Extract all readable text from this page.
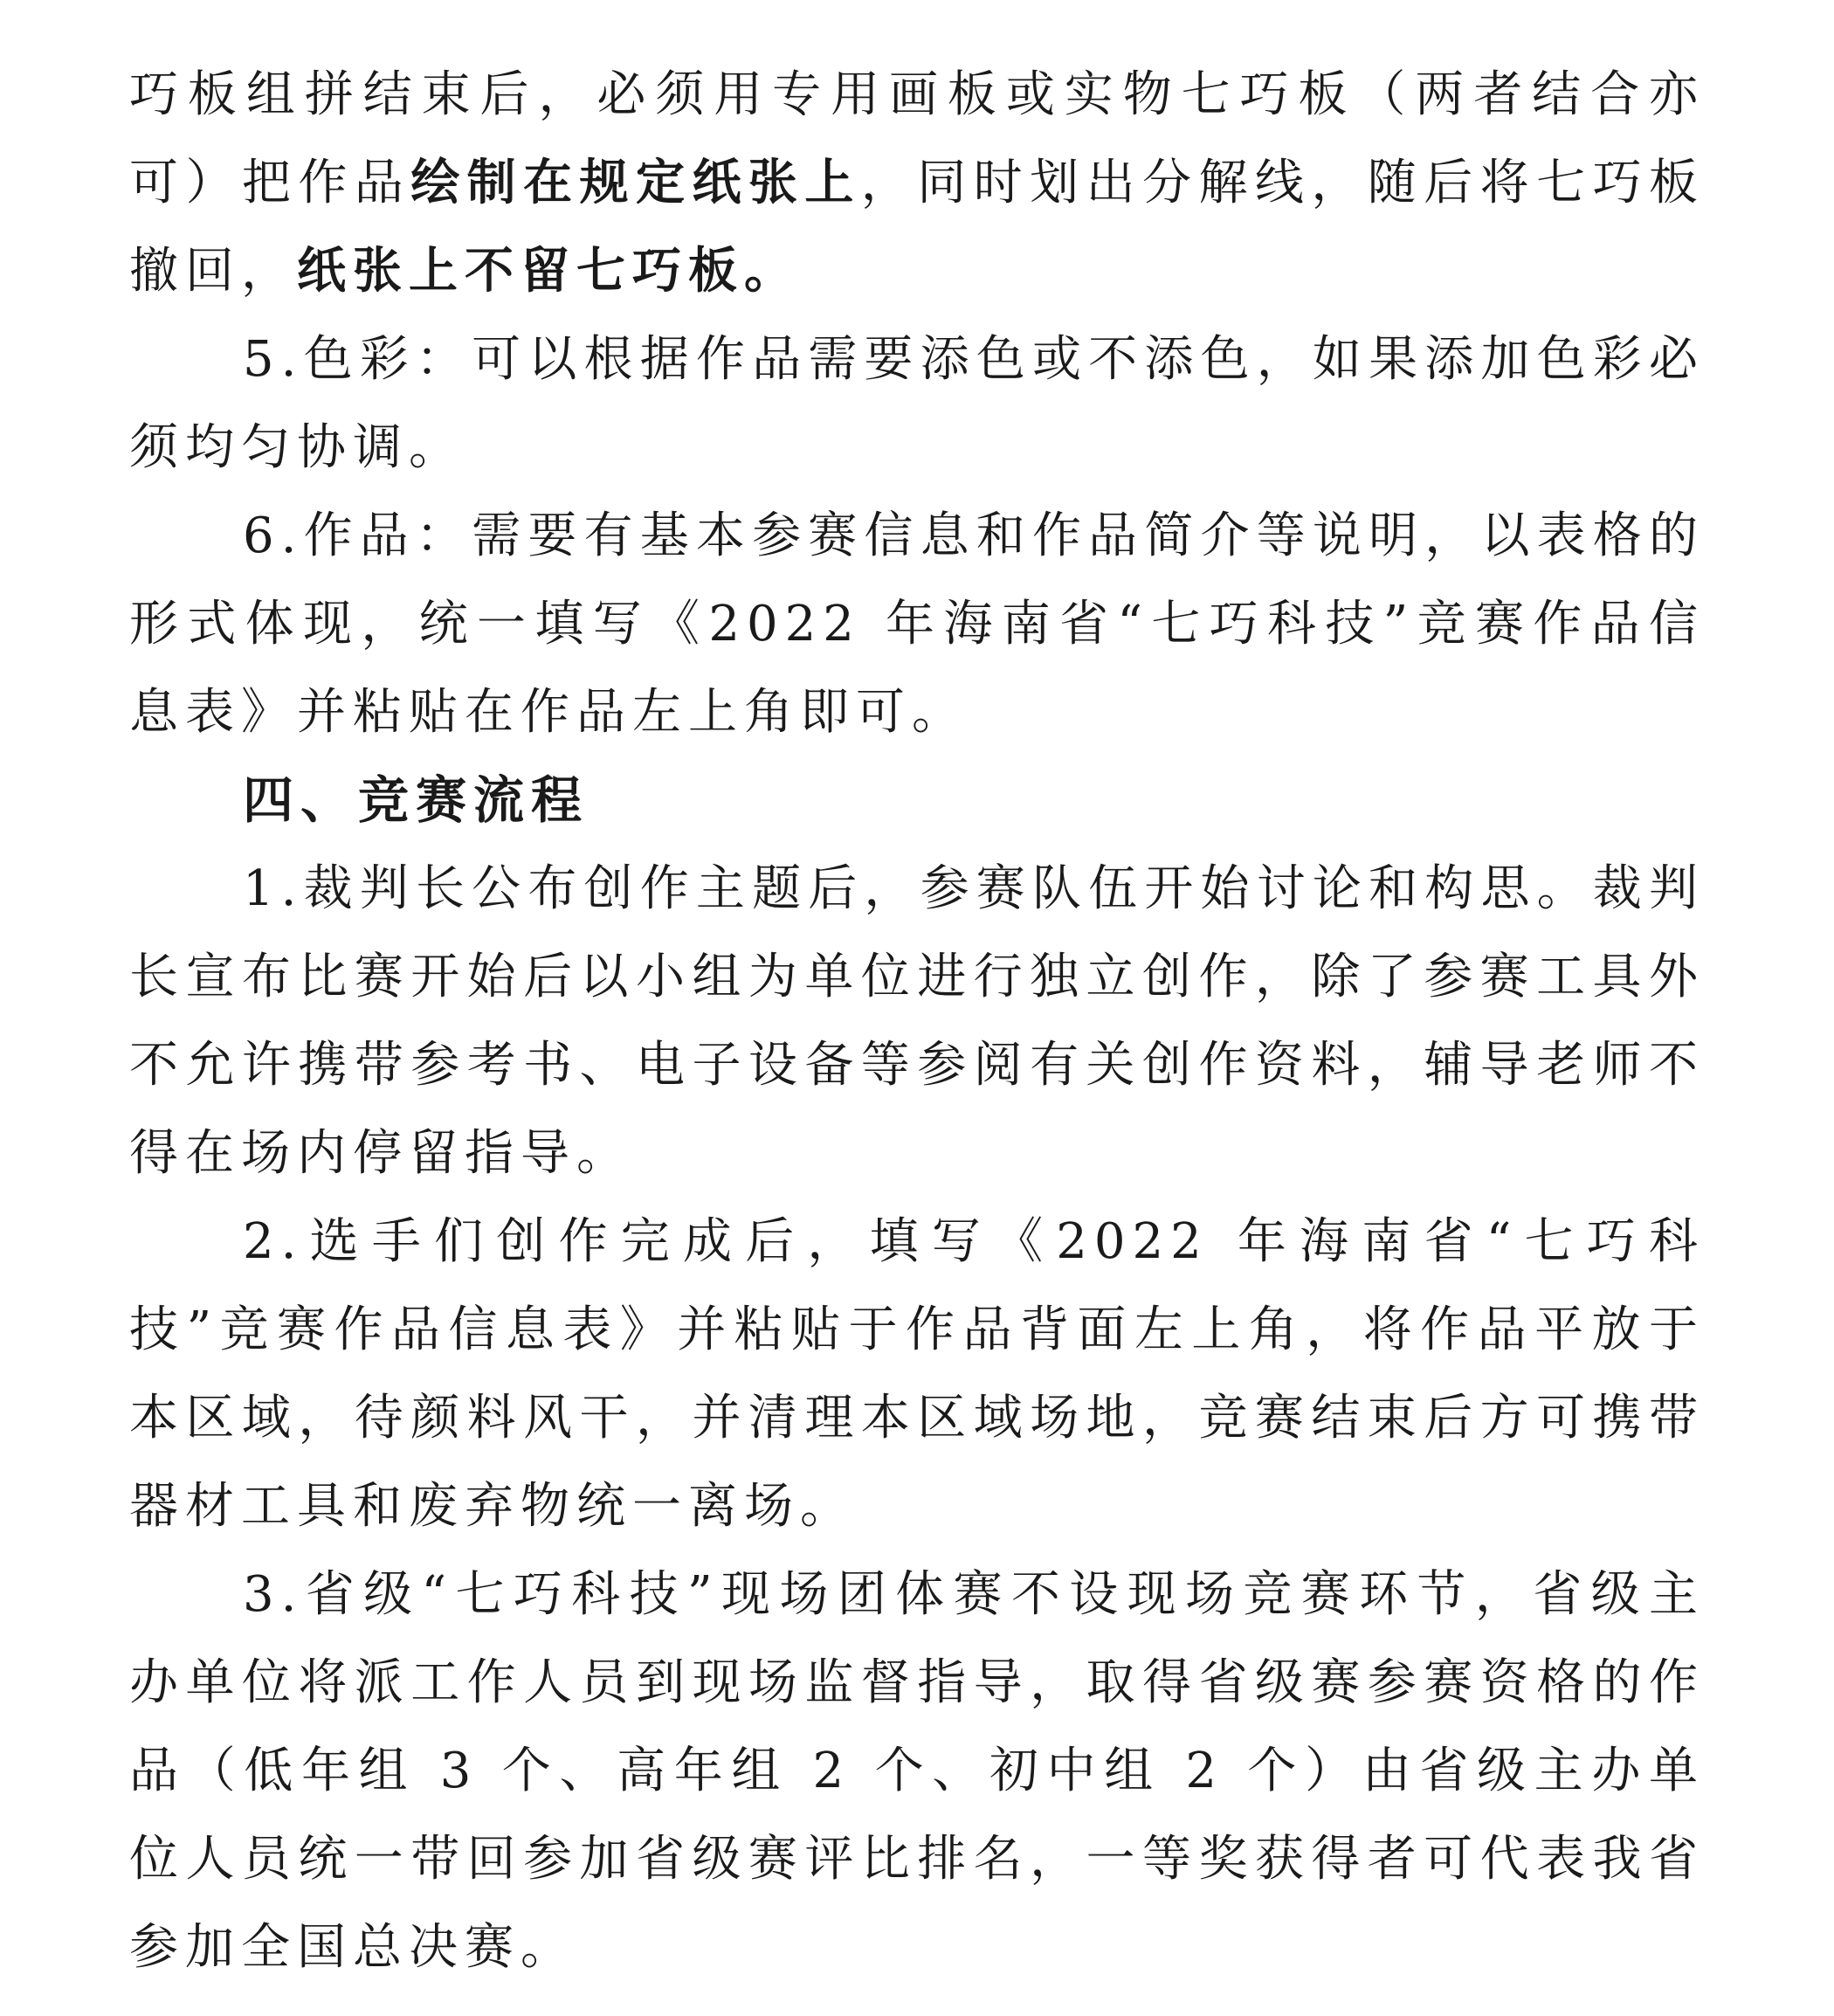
巧板组拼结束后，必须用专用画板或实物七巧板（两者结合亦可）把作品绘制在规定纸张上，同时划出分解线，随后将七巧板撤回，纸张上不留七巧板。

5.色彩：可以根据作品需要添色或不添色，如果添加色彩必须均匀协调。

6.作品：需要有基本参赛信息和作品简介等说明，以表格的形式体现，统一填写《2022 年海南省“七巧科技”竞赛作品信息表》并粘贴在作品左上角即可。

四、竞赛流程

1.裁判长公布创作主题后，参赛队伍开始讨论和构思。裁判长宣布比赛开始后以小组为单位进行独立创作，除了参赛工具外不允许携带参考书、电子设备等参阅有关创作资料，辅导老师不得在场内停留指导。

2.选手们创作完成后，填写《2022 年海南省“七巧科技”竞赛作品信息表》并粘贴于作品背面左上角，将作品平放于本区域，待颜料风干，并清理本区域场地，竞赛结束后方可携带器材工具和废弃物统一离场。

3.省级“七巧科技”现场团体赛不设现场竞赛环节，省级主办单位将派工作人员到现场监督指导，取得省级赛参赛资格的作品（低年组 3 个、高年组 2 个、初中组 2 个）由省级主办单位人员统一带回参加省级赛评比排名，一等奖获得者可代表我省参加全国总决赛。
